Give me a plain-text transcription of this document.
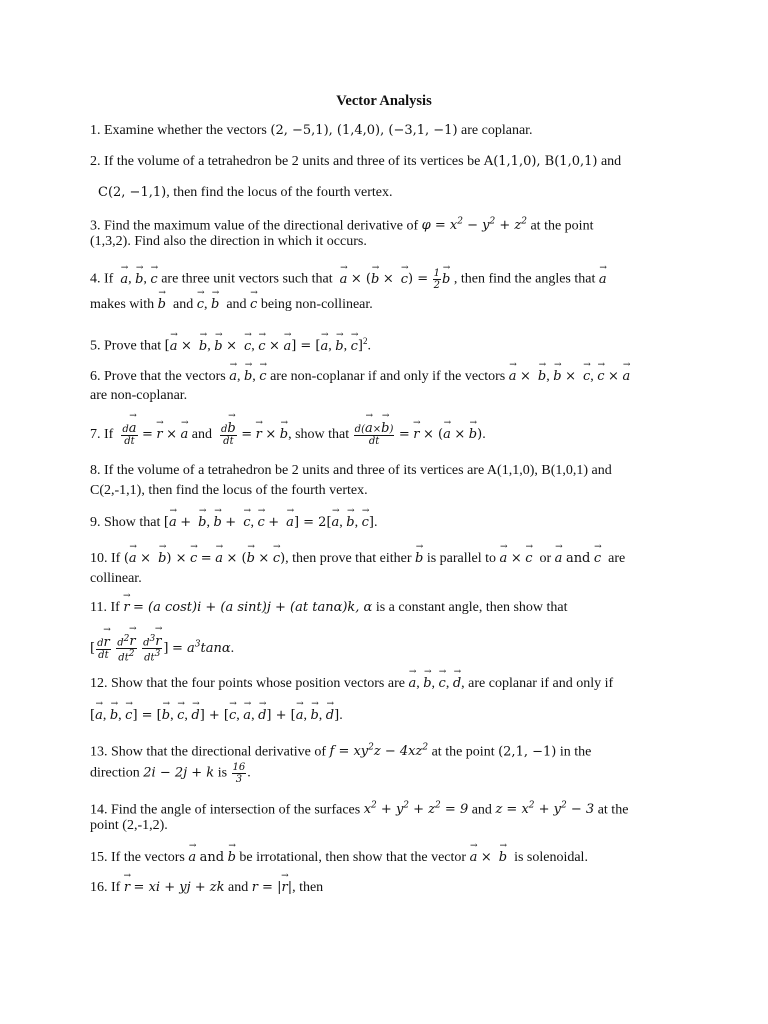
Vector Analysis
1. Examine whether the vectors (2, −5,1), (1,4,0), (−3,1, −1) are coplanar.
2. If the volume of a tetrahedron be 2 units and three of its vertices be A(1,1,0), B(1,0,1) and
C(2, −1,1), then find the locus of the fourth vertex.
3. Find the maximum value of the directional derivative of $\varphi = x^2 - y^2 + z^2$ at the point
(1,3,2). Find also the direction in which it occurs.
4. If  → a, → b, → c are three unit vectors such that  → a × (→ b ×  → $c) = \frac{1}{2}$
→ b , then find the angles that → a
makes with → b  and → c, → b  and → c being non-collinear.
5. Prove that [→ a ×  → b, → b ×  → c, → c × → a] = [→ a, → b, → c]$^2$.
6. Prove that the vectors → a, → b, → c are non-coplanar if and only if the vectors → a ×  → b, → b ×  → c, → c × → a
are non-coplanar.
7. If $\frac{d\to a}{dt}$ = → r × → a and $\frac{d\to b}{dt}$ = → r × → b, show that $\frac{d(\to a\times\to b)}{dt}$ = → r × (→ a × → b).
8. If the volume of a tetrahedron be 2 units and three of its vertices are A(1,1,0), B(1,0,1) and
C(2,-1,1), then find the locus of the fourth vertex.
9. Show that [→ a +  → b, → b +  → c, → c +  → a] = 2[→ a, → b, → c].
10. If (→ a ×  → b) × → c = → a × (→ b × → c), then prove that either → b is parallel to → a × → c  or → a and → c  are
collinear.
11. If → r = (a cost)i + (a sint)j + (at tanα)k, α is a constant angle, then show that
[ $\frac{d\to r}{dt}$
$\frac{d2\to r}{dt2}$
$\frac{d3\to r}{dt3}$ ] = $a^3\tan\alpha$.
12. Show that the four points whose position vectors are → a, → b, → c, → d, are coplanar if and only if
[→ a, → b, → c] = [→ b, → c, → d] + [→ c, → a, → d] + [→ a, → b, → d].
13. Show that the directional derivative of $f = xy^2z - 4xz^2$ at the point (2,1, −1) in the
direction 2i − 2j + k is $\frac{16}{3}$ .
14. Find the angle of intersection of the surfaces $x^2 + y^2 + z^2 = 9$ and $z = x^2 + y^2 - 3$ at the
point (2,-1,2).
15. If the vectors → a and → b be irrotational, then show that the vector → a ×  → b  is solenoidal.
16. If → r = xi + yj + zk and r = |→ r|, then
